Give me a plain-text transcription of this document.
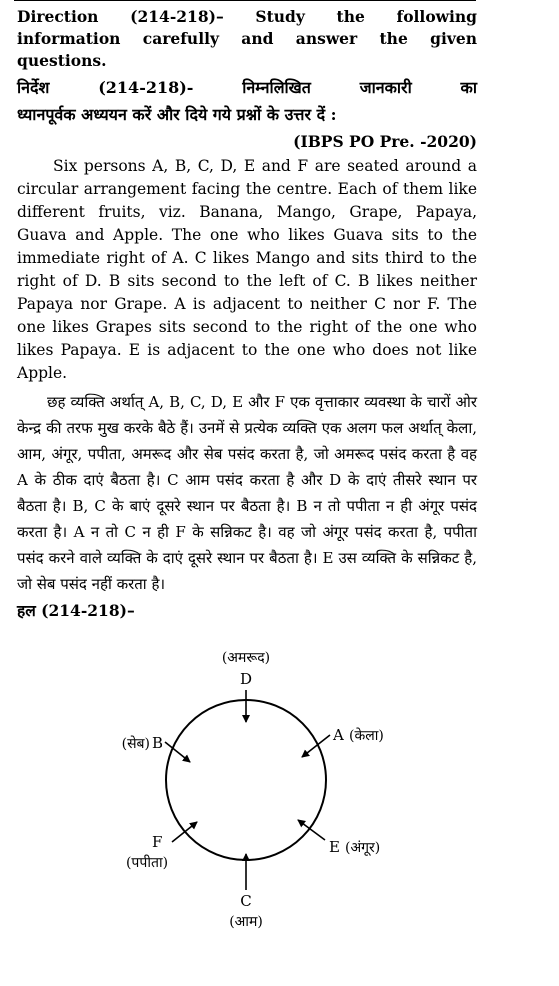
Direction (214-218)– Study the following
information carefully and answer the given questions.
निर्देश	(214-218)-	निम्नलिखित	जानकारी	का
ध्यानपूर्वक अध्ययन करें और दिये गये प्रश्नों के उत्तर दें :
(IBPS PO Pre. -2020)
Six persons A, B, C, D, E and F are seated around a circular arrangement facing the centre. Each of them like different fruits, viz. Banana, Mango, Grape, Papaya, Guava and Apple. The one who likes Guava sits to the immediate right of A. C likes Mango and sits third to the right of D. B sits second to the left of C. B likes neither Papaya nor Grape. A is adjacent to neither C nor F. The one likes Grapes sits second to the right of the one who likes Papaya. E is adjacent to the one who does not like Apple.
छह व्यक्ति अर्थात् A, B, C, D, E और F एक वृत्ताकार व्यवस्था के चारों ओर केन्द्र की तरफ मुख करके बैठे हैं। उनमें से प्रत्येक व्यक्ति एक अलग फल अर्थात् केला, आम, अंगूर, पपीता, अमरूद और सेब पसंद करता है, जो अमरूद पसंद करता है वह A के ठीक दाएं बैठता है। C आम पसंद करता है और D के दाएं तीसरे स्थान पर बैठता है। B, C के बाएं दूसरे स्थान पर बैठता है। B न तो पपीता न ही अंगूर पसंद करता है। A न तो C न ही F के सन्निकट है। वह जो अंगूर पसंद करता है, पपीता पसंद करने वाले व्यक्ति के दाएं दूसरे स्थान पर बैठता है। E उस व्यक्ति के सन्निकट है, जो सेब पसंद नहीं करता है।
हल (214-218)–
(अमरूद)
D
A (केला)
(सेब) B
E (अंगूर)
F
(पपीता)
C
(आम)
